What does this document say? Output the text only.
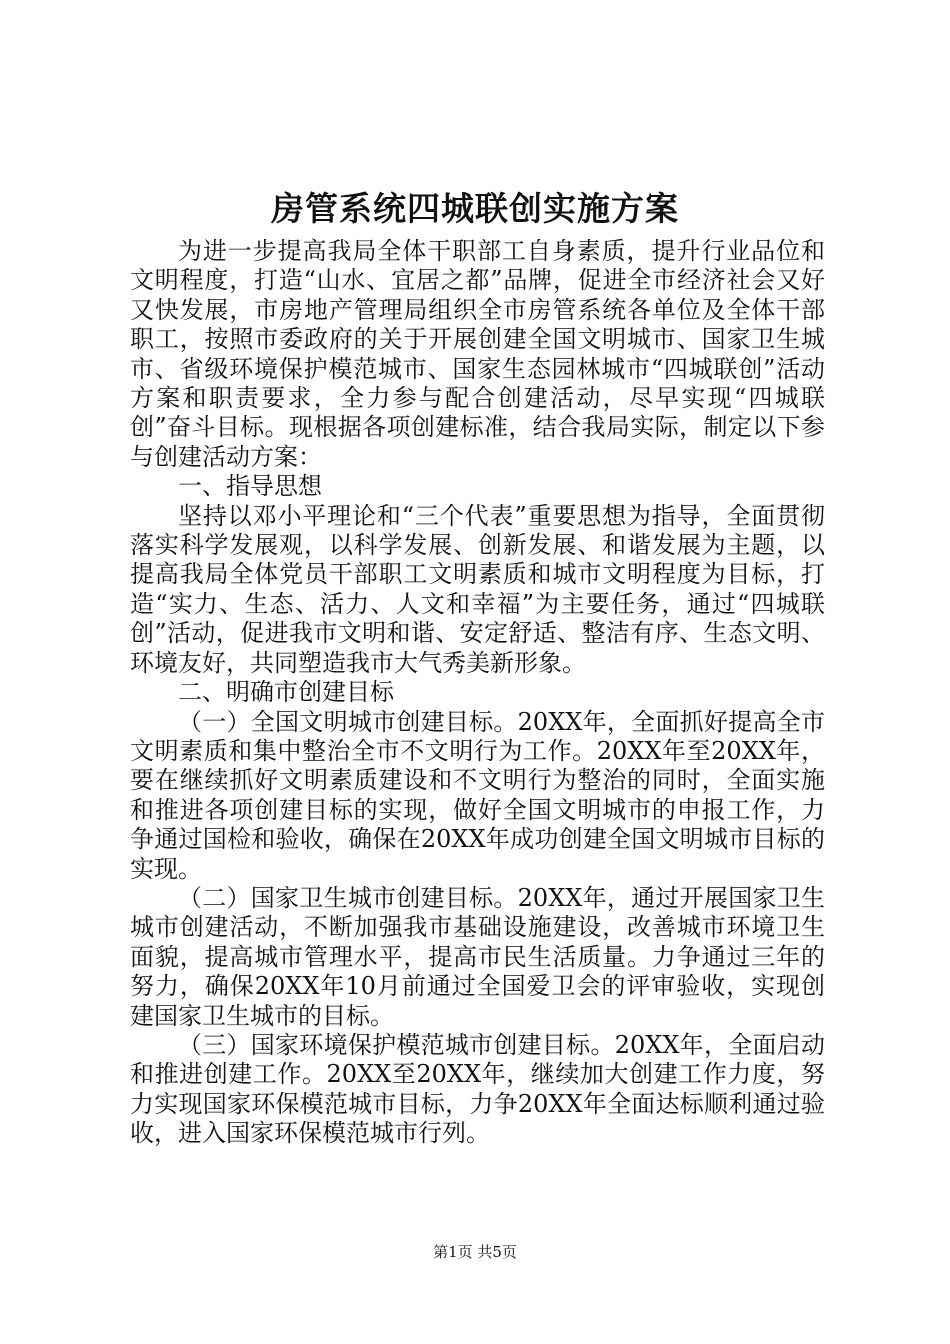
房管系统四城联创实施方案

为进一步提高我局全体干职部工自身素质，提升行业品位和文明程度，打造“山水、宜居之都”品牌，促进全市经济社会又好又快发展，市房地产管理局组织全市房管系统各单位及全体干部职工，按照市委政府的关于开展创建全国文明城市、国家卫生城市、省级环境保护模范城市、国家生态园林城市“四城联创”活动方案和职责要求，全力参与配合创建活动，尽早实现“四城联创”奋斗目标。现根据各项创建标准，结合我局实际，制定以下参与创建活动方案：

一、指导思想

坚持以邓小平理论和“三个代表”重要思想为指导，全面贯彻落实科学发展观，以科学发展、创新发展、和谐发展为主题，以提高我局全体党员干部职工文明素质和城市文明程度为目标，打造“实力、生态、活力、人文和幸福”为主要任务，通过“四城联创”活动，促进我市文明和谐、安定舒适、整洁有序、生态文明、环境友好，共同塑造我市大气秀美新形象。

二、明确市创建目标

（一）全国文明城市创建目标。20XX年，全面抓好提高全市文明素质和集中整治全市不文明行为工作。20XX年至20XX年，要在继续抓好文明素质建设和不文明行为整治的同时，全面实施和推进各项创建目标的实现，做好全国文明城市的申报工作，力争通过国检和验收，确保在20XX年成功创建全国文明城市目标的实现。

（二）国家卫生城市创建目标。20XX年，通过开展国家卫生城市创建活动，不断加强我市基础设施建设，改善城市环境卫生面貌，提高城市管理水平，提高市民生活质量。力争通过三年的努力，确保20XX年10月前通过全国爱卫会的评审验收，实现创建国家卫生城市的目标。

（三）国家环境保护模范城市创建目标。20XX年，全面启动和推进创建工作。20XX至20XX年，继续加大创建工作力度，努力实现国家环保模范城市目标，力争20XX年全面达标顺利通过验收，进入国家环保模范城市行列。

第1页 共5页
